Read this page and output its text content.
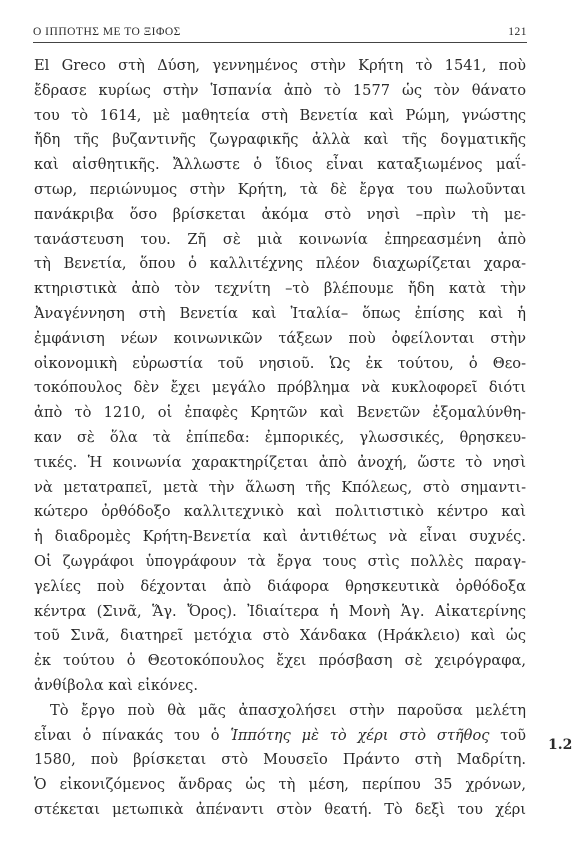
Ο ΙΠΠΟΤΗΣ ΜΕ ΤΟ ΞΙΦΟΣ	121
El Greco στὴ Δύση, γεννημένος στὴν Κρήτη τὸ 1541, ποὺ
ἔδρασε κυρίως στὴν Ἱσπανία ἀπὸ τὸ 1577 ὡς τὸν θάνατο
του τὸ 1614, μὲ μαθητεία στὴ Βενετία καὶ Ρώμη, γνώστης
ἤδη τῆς βυζαντινῆς ζωγραφικῆς ἀλλὰ καὶ τῆς δογματικῆς
καὶ αἰσθητικῆς. Ἄλλωστε ὁ ἴδιος εἶναι καταξιωμένος μαΐ-
στωρ, περιώνυμος στὴν Κρήτη, τὰ δὲ ἔργα του πωλοῦνται
πανάκριβα ὅσο βρίσκεται ἀκόμα στὸ νησὶ –πρὶν τὴ με-
τανάστευση του. Ζῆ σὲ μιὰ κοινωνία ἐπηρεασμένη ἀπὸ
τὴ Βενετία, ὅπου ὁ καλλιτέχνης πλέον διαχωρίζεται χαρα-
κτηριστικὰ ἀπὸ τὸν τεχνίτη –τὸ βλέπουμε ἤδη κατὰ τὴν
Ἀναγέννηση στὴ Βενετία καὶ Ἰταλία– ὅπως ἐπίσης καὶ ἡ
ἐμφάνιση νέων κοινωνικῶν τάξεων ποὺ ὀφείλονται στὴν
οἰκονομικὴ εὐρωστία τοῦ νησιοῦ. Ὡς ἐκ τούτου, ὁ Θεο-
τοκόπουλος δὲν ἔχει μεγάλο πρόβλημα νὰ κυκλοφορεῖ διότι
ἀπὸ τὸ 1210, οἱ ἐπαφὲς Κρητῶν καὶ Βενετῶν ἐξομαλύνθη-
καν σὲ ὅλα τὰ ἐπίπεδα: ἐμπορικές, γλωσσικές, θρησκευ-
τικές. Ἡ κοινωνία χαρακτηρίζεται ἀπὸ ἀνοχή, ὥστε τὸ νησὶ
νὰ μετατραπεῖ, μετὰ τὴν ἅλωση τῆς Κπόλεως, στὸ σημαντι-
κώτερο ὀρθόδοξο καλλιτεχνικὸ καὶ πολιτιστικὸ κέντρο καὶ
ἡ διαδρομὲς Κρήτη-Βενετία καὶ ἀντιθέτως νὰ εἶναι συχνές.
Οἱ ζωγράφοι ὑπογράφουν τὰ ἔργα τους στὶς πολλὲς παραγ-
γελίες ποὺ δέχονται ἀπὸ διάφορα θρησκευτικὰ ὀρθόδοξα
κέντρα (Σινᾶ, Ἅγ. Ὄρος). Ἰδιαίτερα ἡ Μονὴ Ἁγ. Αἰκατερίνης
τοῦ Σινᾶ, διατηρεῖ μετόχια στὸ Χάνδακα (Ηράκλειο) καὶ ὡς
ἐκ τούτου ὁ Θεοτοκόπουλος ἔχει πρόσβαση σὲ χειρόγραφα,
ἀνθίβολα καὶ εἰκόνες.
Τὸ ἔργο ποὺ θὰ μᾶς ἀπασχολήσει στὴν παροῦσα μελέτη
εἶναι ὁ πίνακάς του ὁ Ἱππότης μὲ τὸ χέρι στὸ στῆθος τοῦ
1580, ποὺ βρίσκεται στὸ Μουσεῖο Πράντο στὴ Μαδρίτη.
Ὁ εἰκονιζόμενος ἄνδρας ὡς τὴ μέση, περίπου 35 χρόνων,
στέκεται μετωπικὰ ἀπέναντι στὸν θεατή. Τὸ δεξὶ του χέρι
1.2
